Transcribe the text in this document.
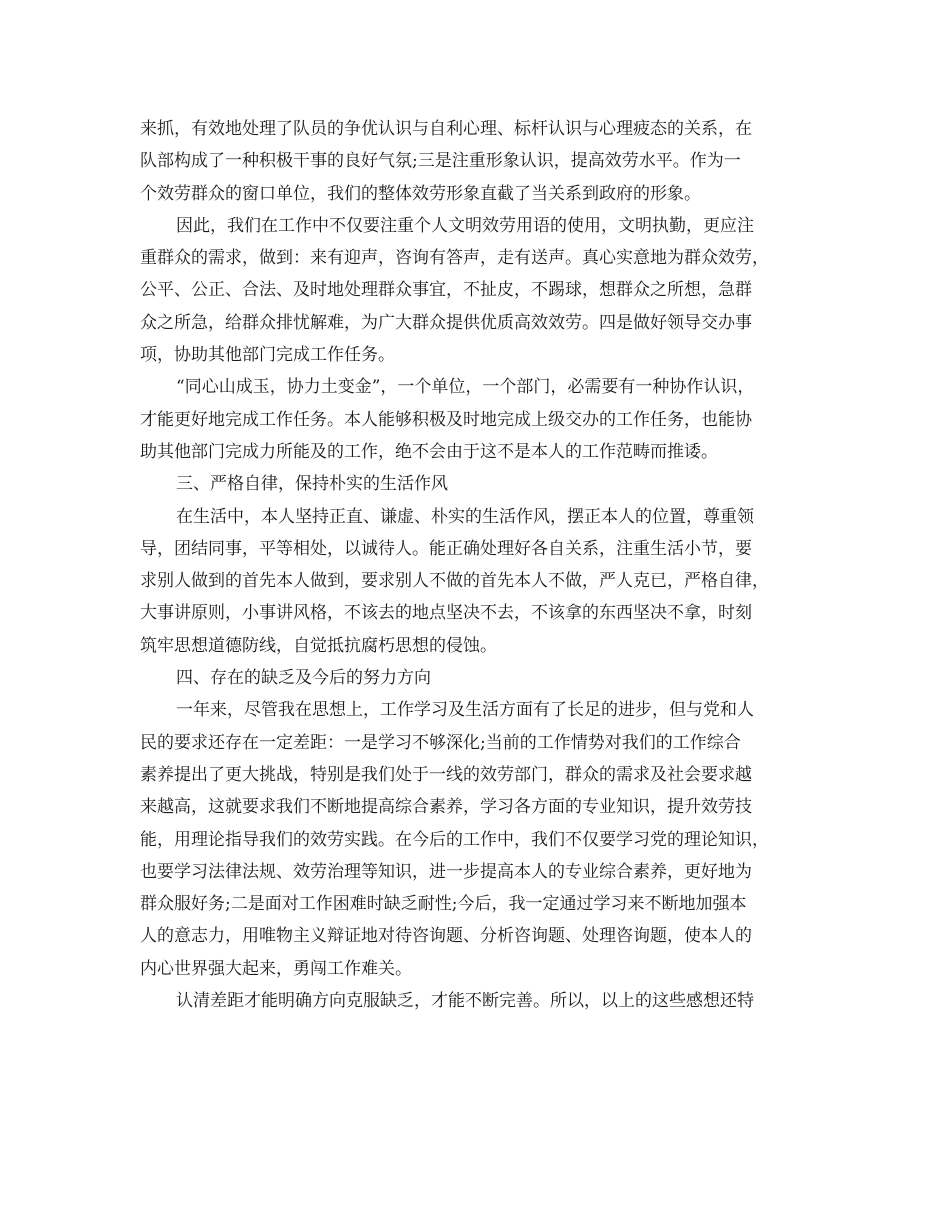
来抓，有效地处理了队员的争优认识与自利心理、标杆认识与心理疲态的关系，在
队部构成了一种积极干事的良好气氛;三是注重形象认识，提高效劳水平。作为一
个效劳群众的窗口单位，我们的整体效劳形象直截了当关系到政府的形象。
因此，我们在工作中不仅要注重个人文明效劳用语的使用，文明执勤，更应注
重群众的需求，做到：来有迎声，咨询有答声，走有送声。真心实意地为群众效劳，
公平、公正、合法、及时地处理群众事宜，不扯皮，不踢球，想群众之所想，急群
众之所急，给群众排忧解难，为广大群众提供优质高效效劳。四是做好领导交办事
项，协助其他部门完成工作任务。
“同心山成玉，协力土变金”，一个单位，一个部门，必需要有一种协作认识，
才能更好地完成工作任务。本人能够积极及时地完成上级交办的工作任务，也能协
助其他部门完成力所能及的工作，绝不会由于这不是本人的工作范畴而推诿。
三、严格自律，保持朴实的生活作风
在生活中，本人坚持正直、谦虚、朴实的生活作风，摆正本人的位置，尊重领
导，团结同事，平等相处，以诚待人。能正确处理好各自关系，注重生活小节，要
求别人做到的首先本人做到，要求别人不做的首先本人不做，严人克已，严格自律，
大事讲原则，小事讲风格，不该去的地点坚决不去，不该拿的东西坚决不拿，时刻
筑牢思想道德防线，自觉抵抗腐朽思想的侵蚀。
四、存在的缺乏及今后的努力方向
一年来，尽管我在思想上，工作学习及生活方面有了长足的进步，但与党和人
民的要求还存在一定差距：一是学习不够深化;当前的工作情势对我们的工作综合
素养提出了更大挑战，特别是我们处于一线的效劳部门，群众的需求及社会要求越
来越高，这就要求我们不断地提高综合素养，学习各方面的专业知识，提升效劳技
能，用理论指导我们的效劳实践。在今后的工作中，我们不仅要学习党的理论知识，
也要学习法律法规、效劳治理等知识，进一步提高本人的专业综合素养，更好地为
群众服好务;二是面对工作困难时缺乏耐性;今后，我一定通过学习来不断地加强本
人的意志力，用唯物主义辩证地对待咨询题、分析咨询题、处理咨询题，使本人的
内心世界强大起来，勇闯工作难关。
认清差距才能明确方向克服缺乏，才能不断完善。所以，以上的这些感想还特
